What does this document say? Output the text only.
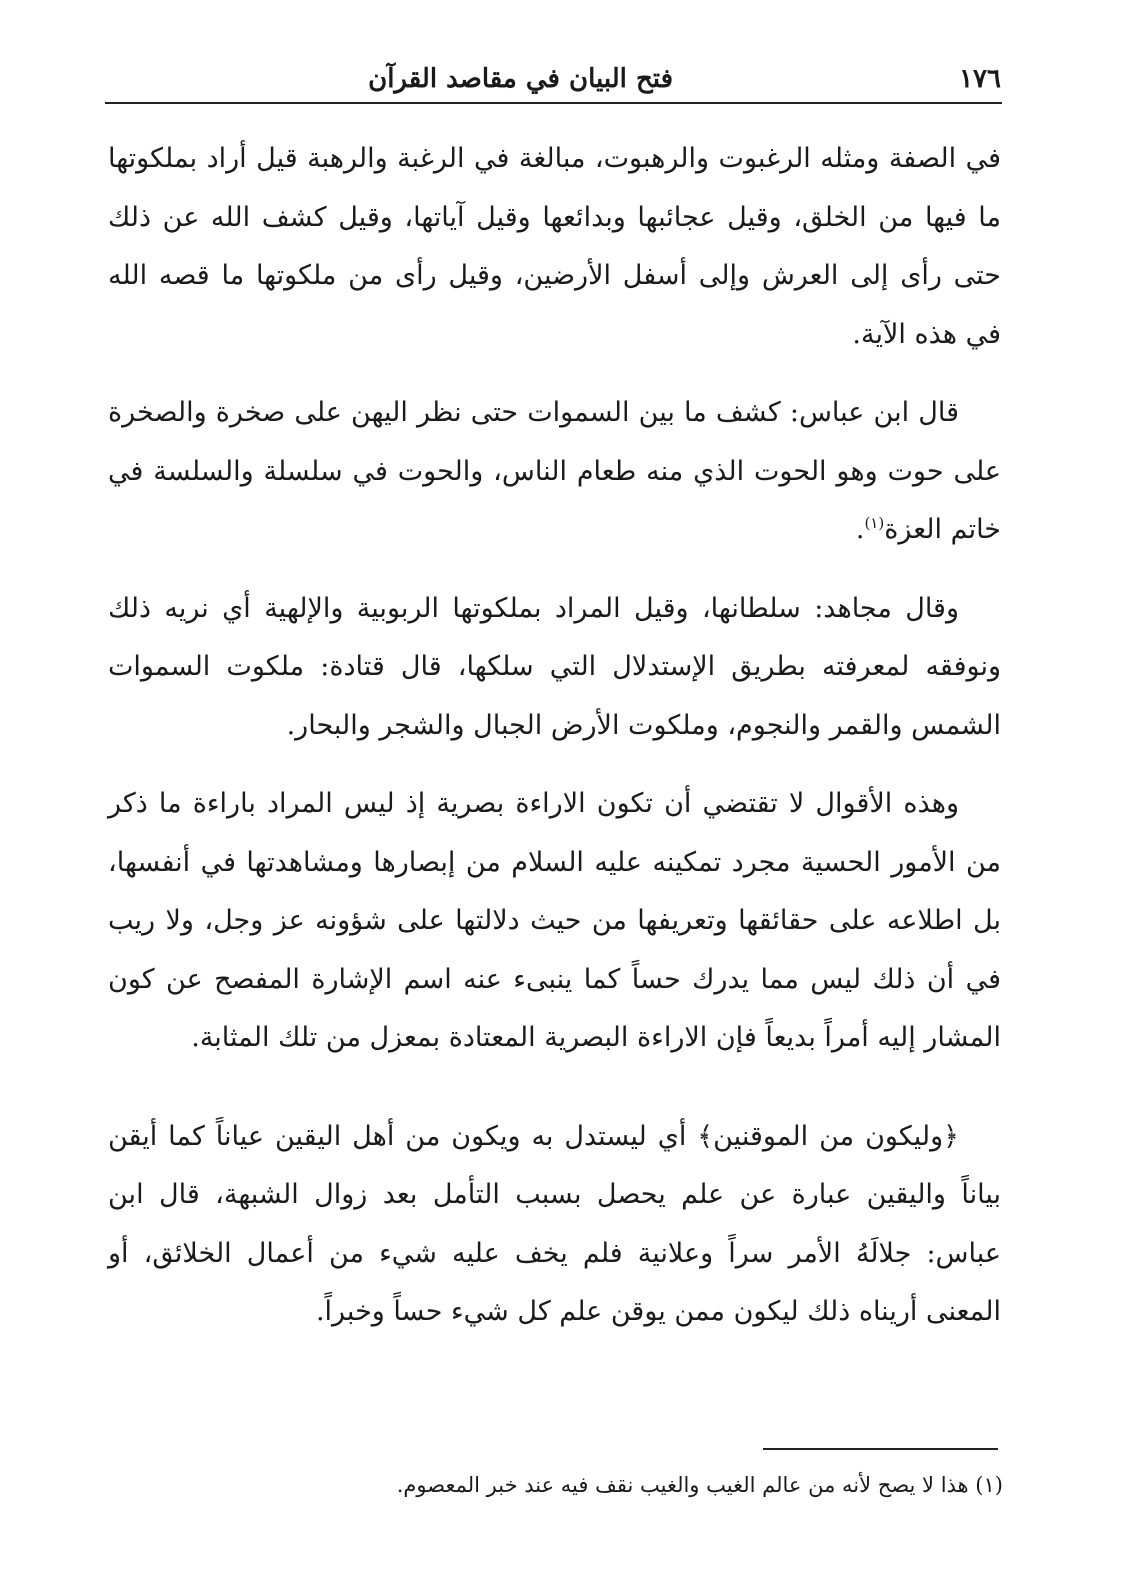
١٧٦
فتح البيان في مقاصد القرآن

في الصفة ومثله الرغبوت والرهبوت، مبالغة في الرغبة والرهبة قيل أراد بملكوتها ما فيها من الخلق، وقيل عجائبها وبدائعها وقيل آياتها، وقيل كشف الله عن ذلك حتى رأى إلى العرش وإلى أسفل الأرضين، وقيل رأى من ملكوتها ما قصه الله في هذه الآية.

قال ابن عباس: كشف ما بين السموات حتى نظر اليهن على صخرة والصخرة على حوت وهو الحوت الذي منه طعام الناس، والحوت في سلسلة والسلسة في خاتم العزة$^{(١)}$.

وقال مجاهد: سلطانها، وقيل المراد بملكوتها الربوبية والإلهية أي نريه ذلك ونوفقه لمعرفته بطريق الإستدلال التي سلكها، قال قتادة: ملكوت السموات الشمس والقمر والنجوم، وملكوت الأرض الجبال والشجر والبحار.

وهذه الأقوال لا تقتضي أن تكون الاراءة بصرية إذ ليس المراد باراءة ما ذكر من الأمور الحسية مجرد تمكينه عليه السلام من إبصارها ومشاهدتها في أنفسها، بل اطلاعه على حقائقها وتعريفها من حيث دلالتها على شؤونه عز وجل، ولا ريب في أن ذلك ليس مما يدرك حساً كما ينبىء عنه اسم الإشارة المفصح عن كون المشار إليه أمراً بديعاً فإن الاراءة البصرية المعتادة بمعزل من تلك المثابة.

﴿وليكون من الموقنين﴾ أي ليستدل به ويكون من أهل اليقين عياناً كما أيقن بياناً واليقين عبارة عن علم يحصل بسبب التأمل بعد زوال الشبهة، قال ابن عباس: جلالَهُ الأمر سراً وعلانية فلم يخف عليه شيء من أعمال الخلائق، أو المعنى أريناه ذلك ليكون ممن يوقن علم كل شيء حساً وخبراً.

(١) هذا لا يصح لأنه من عالم الغيب والغيب نقف فيه عند خبر المعصوم.
